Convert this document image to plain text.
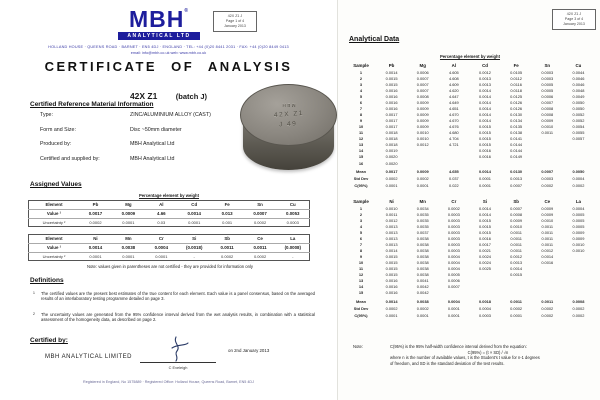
MBH®
ANALYTICAL LTD
42X Z1 J
Page 1 of 4
January 2013
HOLLAND HOUSE · QUEENS ROAD · BARNET · EN5 4DJ · ENGLAND · TEL: +44 (0)20 8441 2031 · FAX: +44 (0)20 8449 0413
email: info@mbh.co.uk web: www.mbh.co.uk
CERTIFICATE OF ANALYSIS
42X Z1 (batch J)
Certified Reference Material Information
Type:	ZINC/ALUMINIUM ALLOY (CAST)
Form and Size:	Disc ~50mm diameter
Produced by:	MBH Analytical Ltd
Certified and supplied by:	MBH Analytical Ltd
MBH
42X Z1
J 49
Assigned Values
Percentage element by weight
Element	Pb	Mg	Al	Cd	Fe	Sn	Cu
Value ¹	0.0017	0.0009	4.66	0.0014	0.013	0.0007	0.0053
Uncertainty ²	0.0002	0.0001	0.03	0.0001	0.001	0.0002	0.0003
Element	Ni	Mn	Cr	Si	Sb	Ce	La
Value ¹	0.0014	0.0038	0.0004	(0.0018)	0.0011	0.0011	(0.0008)
Uncertainty ²	0.0001	0.0001	0.0001	-	0.0002	0.0002	-
Note: values given in parentheses are not certified - they are provided for information only
Definitions
1	The certified values are the present best estimates of the true content for each element. Each value is a panel consensus, based on the averaged results of an interlaboratory testing programme detailed on page 3.
2	The uncertainty values are generated from the 95% confidence interval derived from the wet analysis results, in combination with a statistical assessment of the homogeneity data, as described on page 2.
Certified by:
MBH ANALYTICAL LIMITED
C Eveleigh
on 2nd January 2013
Registered in England, No 1575889 · Registered Office: Holland House, Queens Road, Barnet, EN5 4DJ
42X Z1 J
Page 3 of 4
January 2013
Analytical Data
Percentage element by weight
Sample	Pb	Mg	Al	Cd	Fe	Sn	Cu
1	0.0014	0.0006	4.605	0.0012	0.0105	0.0003	0.0044
2	0.0015	0.0007	4.608	0.0013	0.0112	0.0003	0.0046
3	0.0015	0.0007	4.609	0.0013	0.0116	0.0005	0.0046
4	0.0016	0.0007	4.620	0.0014	0.0118	0.0005	0.0048
5	0.0016	0.0008	4.647	0.0014	0.0125	0.0006	0.0049
6	0.0016	0.0009	4.649	0.0014	0.0126	0.0007	0.0050
7	0.0016	0.0009	4.651	0.0014	0.0126	0.0008	0.0050
8	0.0017	0.0009	4.670	0.0014	0.0130	0.0008	0.0052
9	0.0017	0.0009	4.670	0.0014	0.0134	0.0009	0.0052
10	0.0017	0.0009	4.676	0.0015	0.0135	0.0010	0.0054
11	0.0018	0.0010	4.680	0.0015	0.0138	0.0011	0.0055
12	0.0018	0.0010	4.704	0.0015	0.0141		0.0057
13	0.0018	0.0012	4.721	0.0015	0.0144		
14	0.0019			0.0016	0.0144		
15	0.0020			0.0016	0.0149		
16	0.0020						
Mean	0.0017	0.0009	4.655	0.0014	0.0130	0.0007	0.0050
Std Dev	0.0002	0.0002	0.037	0.0001	0.0013	0.0003	0.0004
C(95%)	0.0001	0.0001	0.022	0.0001	0.0007	0.0002	0.0002
Sample	Ni	Mn	Cr	Si	Sb	Ce	La
1	0.0010	0.0034	0.0002	0.0014	0.0007	0.0009	0.0004
2	0.0011	0.0035	0.0003	0.0014	0.0008	0.0009	0.0005
3	0.0012	0.0035	0.0003	0.0015	0.0009	0.0010	0.0005
4	0.0013	0.0035	0.0003	0.0015	0.0010	0.0011	0.0005
5	0.0013	0.0037	0.0003	0.0015	0.0011	0.0011	0.0009
6	0.0013	0.0038	0.0003	0.0016	0.0011	0.0011	0.0009
7	0.0013	0.0038	0.0003	0.0017	0.0011	0.0011	0.0010
8	0.0014	0.0038	0.0003	0.0021	0.0011	0.0012	0.0010
9	0.0015	0.0038	0.0004	0.0024	0.0012	0.0014	
10	0.0015	0.0038	0.0004	0.0024	0.0013	0.0016	
11	0.0015	0.0038	0.0004	0.0025	0.0014		
12	0.0015	0.0038	0.0005		0.0015		
13	0.0016	0.0041	0.0006				
14	0.0016	0.0042	0.0007				
15	0.0016	0.0042					
Mean	0.0014	0.0038	0.0004	0.0018	0.0011	0.0011	0.0008
Std Dev	0.0002	0.0002	0.0001	0.0004	0.0002	0.0002	0.0002
C(95%)	0.0001	0.0001	0.0001	0.0003	0.0001	0.0002	0.0002
Note:	C(95%) is the 95% half-width confidence interval derived from the equation:
C(95%) = (t × SD) / √n
where n is the number of available values, t is the Student's t value for n-1 degrees
of freedom, and SD is the standard deviation of the test results.
